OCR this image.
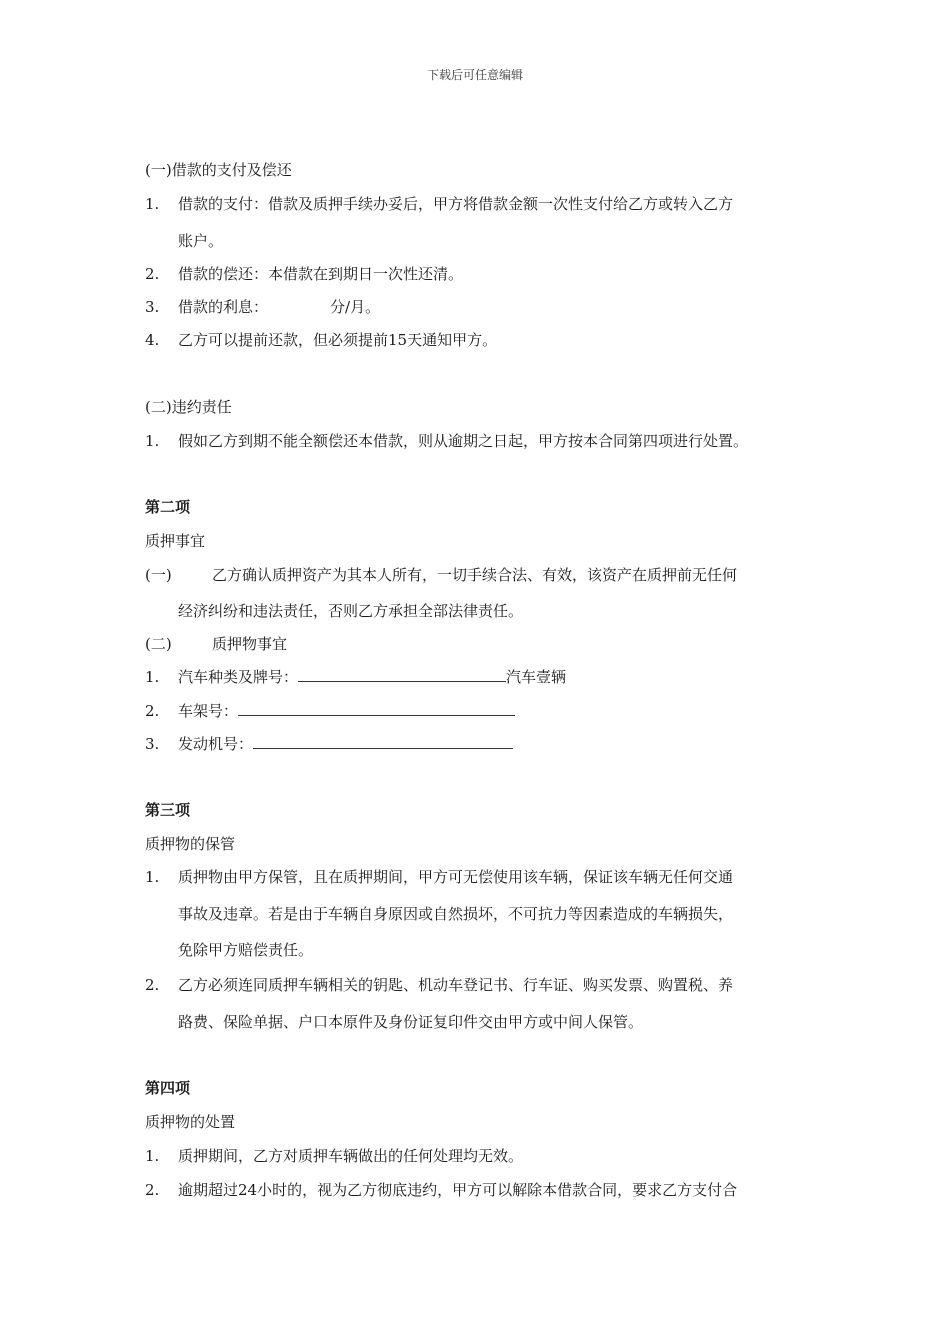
下载后可任意编辑
(一)借款的支付及偿还
1. 借款的支付：借款及质押手续办妥后，甲方将借款金额一次性支付给乙方或转入乙方
账户。
2. 借款的偿还：本借款在到期日一次性还清。
3. 借款的利息：	分/月。
4. 乙方可以提前还款，但必须提前15天通知甲方。
(二)违约责任
1. 假如乙方到期不能全额偿还本借款，则从逾期之日起，甲方按本合同第四项进行处置。
第二项
质押事宜
(一)	乙方确认质押资产为其本人所有，一切手续合法、有效，该资产在质押前无任何
经济纠纷和违法责任，否则乙方承担全部法律责任。
(二)	质押物事宜
1. 汽车种类及牌号：	汽车壹辆
2. 车架号：
3. 发动机号：
第三项
质押物的保管
1. 质押物由甲方保管，且在质押期间，甲方可无偿使用该车辆，保证该车辆无任何交通
事故及违章。若是由于车辆自身原因或自然损坏，不可抗力等因素造成的车辆损失，
免除甲方赔偿责任。
2. 乙方必须连同质押车辆相关的钥匙、机动车登记书、行车证、购买发票、购置税、养
路费、保险单据、户口本原件及身份证复印件交由甲方或中间人保管。
第四项
质押物的处置
1. 质押期间，乙方对质押车辆做出的任何处理均无效。
2. 逾期超过24小时的，视为乙方彻底违约，甲方可以解除本借款合同，要求乙方支付合
